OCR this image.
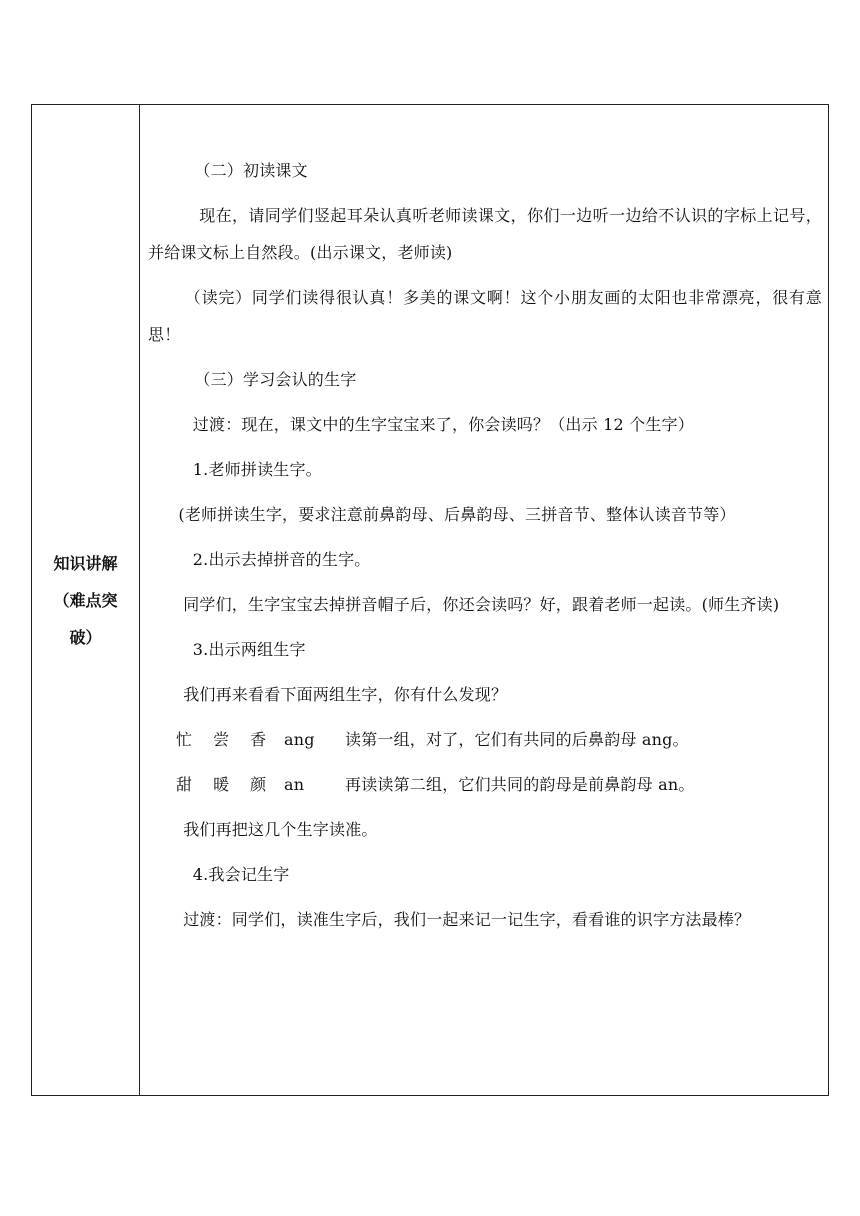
知识讲解
（难点突
破）

（二）初读课文

现在，请同学们竖起耳朵认真听老师读课文，你们一边听一边给不认识的字标上记号，并给课文标上自然段。(出示课文，老师读)

（读完）同学们读得很认真！多美的课文啊！这个小朋友画的太阳也非常漂亮，很有意思！

（三）学习会认的生字

过渡：现在，课文中的生字宝宝来了，你会读吗？（出示 12 个生字）

1.老师拼读生字。

(老师拼读生字，要求注意前鼻韵母、后鼻韵母、三拼音节、整体认读音节等）

2.出示去掉拼音的生字。

同学们，生字宝宝去掉拼音帽子后，你还会读吗？好，跟着老师一起读。(师生齐读)

3.出示两组生字

我们再来看看下面两组生字，你有什么发现？

忙 尝 香 ang	读第一组，对了，它们有共同的后鼻韵母 ang。
甜 暖 颜 an	再读读第二组，它们共同的韵母是前鼻韵母 an。

我们再把这几个生字读准。

4.我会记生字

过渡：同学们，读准生字后，我们一起来记一记生字，看看谁的识字方法最棒？
